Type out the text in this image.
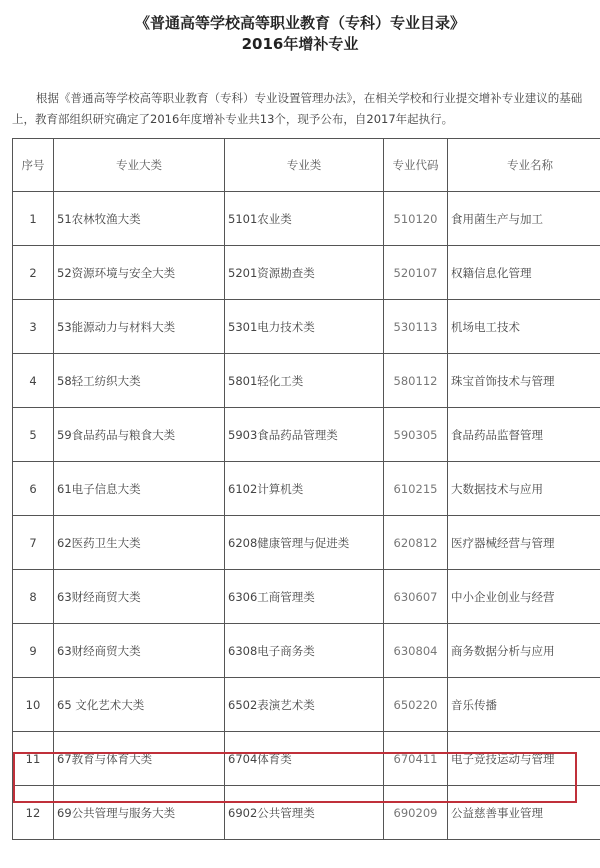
《普通高等学校高等职业教育（专科）专业目录》
2016年增补专业
根据《普通高等学校高等职业教育（专科）专业设置管理办法》，在相关学校和行业提交增补专业建议的基础上，教育部组织研究确定了2016年度增补专业共13个，现予公布，自2017年起执行。
序号	专业大类	专业类	专业代码	专业名称
1	51农林牧渔大类	5101农业类	510120	食用菌生产与加工
2	52资源环境与安全大类	5201资源勘查类	520107	权籍信息化管理
3	53能源动力与材料大类	5301电力技术类	530113	机场电工技术
4	58轻工纺织大类	5801轻化工类	580112	珠宝首饰技术与管理
5	59食品药品与粮食大类	5903食品药品管理类	590305	食品药品监督管理
6	61电子信息大类	6102计算机类	610215	大数据技术与应用
7	62医药卫生大类	6208健康管理与促进类	620812	医疗器械经营与管理
8	63财经商贸大类	6306工商管理类	630607	中小企业创业与经营
9	63财经商贸大类	6308电子商务类	630804	商务数据分析与应用
10	65 文化艺术大类	6502表演艺术类	650220	音乐传播
11	67教育与体育大类	6704体育类	670411	电子竞技运动与管理
12	69公共管理与服务大类	6902公共管理类	690209	公益慈善事业管理
